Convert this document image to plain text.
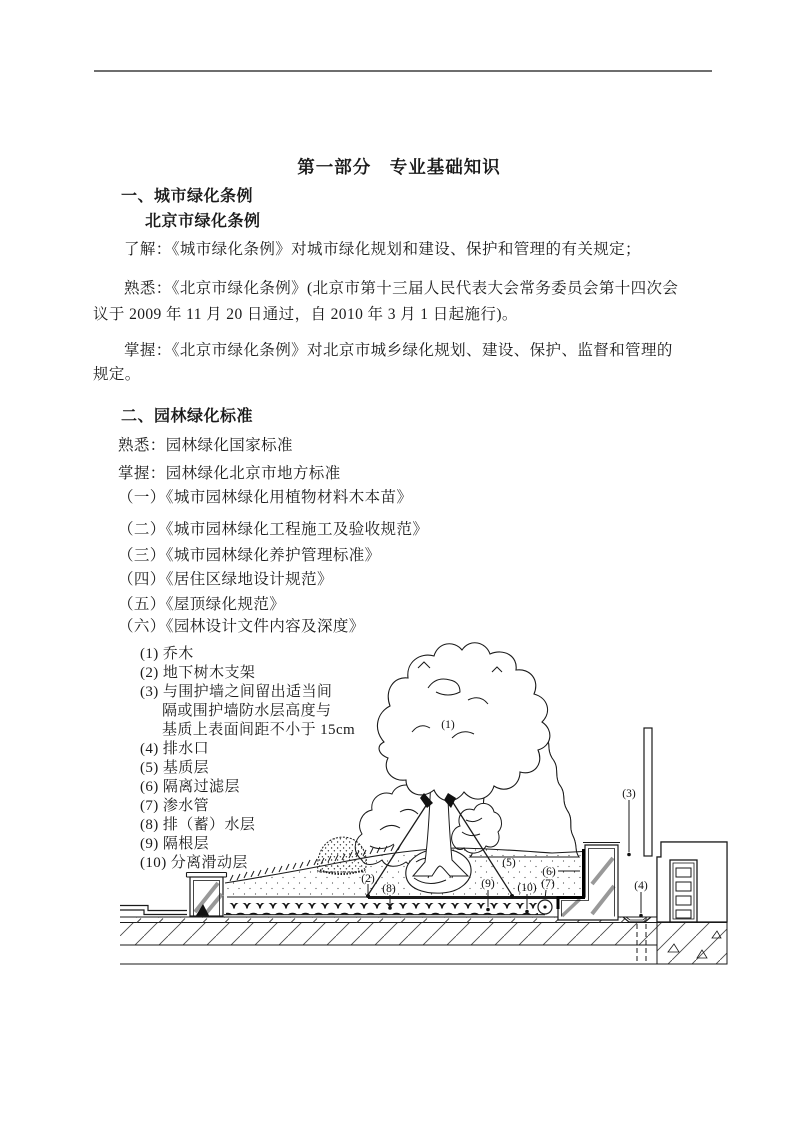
第一部分　专业基础知识
一、城市绿化条例
北京市绿化条例
了解：《城市绿化条例》对城市绿化规划和建设、保护和管理的有关规定；
熟悉：《北京市绿化条例》(北京市第十三届人民代表大会常务委员会第十四次会
议于 2009 年 11 月 20 日通过，自 2010 年 3 月 1 日起施行)。
掌握：《北京市绿化条例》对北京市城乡绿化规划、建设、保护、监督和管理的
规定。
二、园林绿化标准
熟悉：园林绿化国家标准
掌握：园林绿化北京市地方标准
（一）《城市园林绿化用植物材料木本苗》
（二）《城市园林绿化工程施工及验收规范》
（三）《城市园林绿化养护管理标准》
（四）《居住区绿地设计规范》
（五）《屋顶绿化规范》
（六）《园林设计文件内容及深度》
(1)
(2)
(3)
(4)
(5)
(6)
(7)
(8)	(9) (10)
(1) 乔木
(2) 地下树木支架
(3) 与围护墙之间留出适当间
隔或围护墙防水层高度与
基质上表面间距不小于 15cm
(4) 排水口
(5) 基质层
(6) 隔离过滤层
(7) 渗水管
(8) 排（蓄）水层
(9) 隔根层
(10) 分离滑动层
